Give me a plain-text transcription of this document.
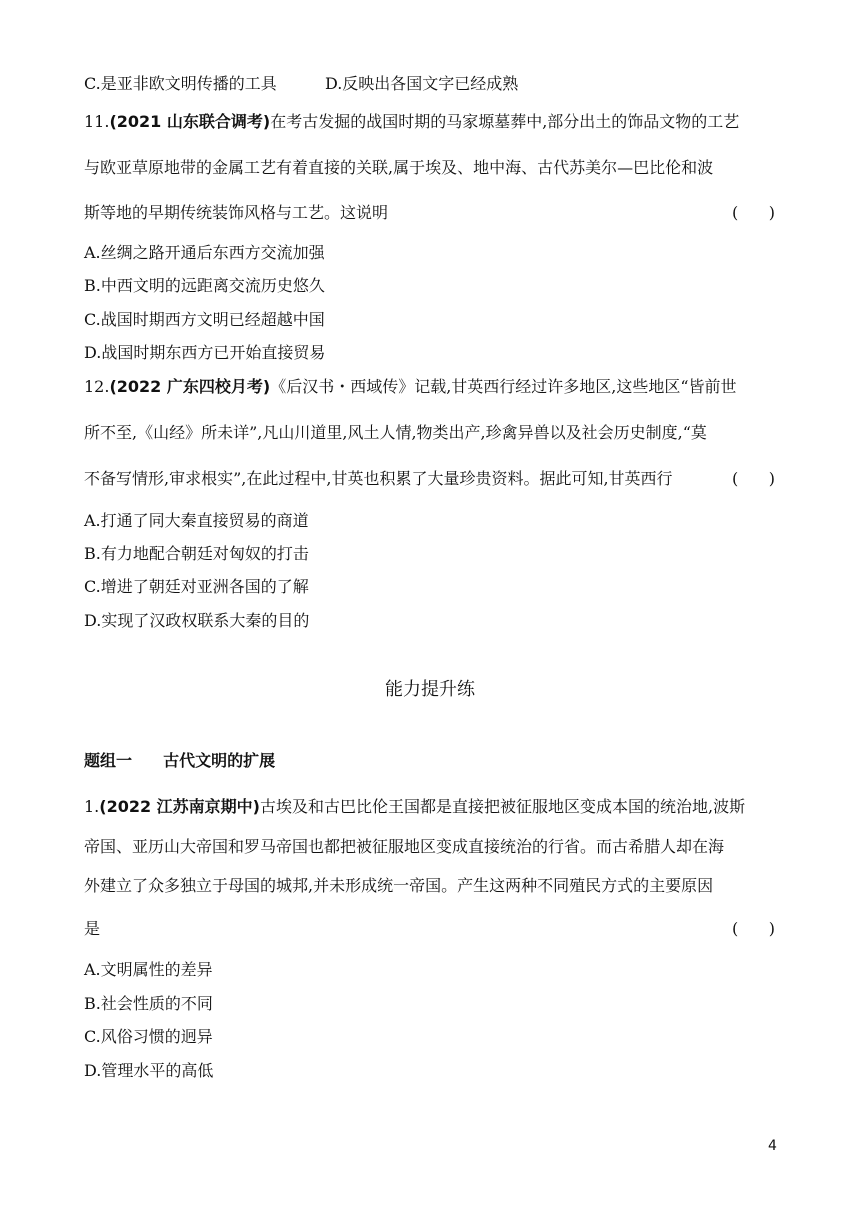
C.是亚非欧文明传播的工具	D.反映出各国文字已经成熟
11.(2021 山东联合调考)在考古发掘的战国时期的马家塬墓葬中,部分出土的饰品文物的工艺
与欧亚草原地带的金属工艺有着直接的关联,属于埃及、地中海、古代苏美尔—巴比伦和波
斯等地的早期传统装饰风格与工艺。这说明	(      )
A.丝绸之路开通后东西方交流加强
B.中西文明的远距离交流历史悠久
C.战国时期西方文明已经超越中国
D.战国时期东西方已开始直接贸易
12.(2022 广东四校月考)《后汉书・西域传》记载,甘英西行经过许多地区,这些地区“皆前世
所不至,《山经》所未详”,凡山川道里,风土人情,物类出产,珍禽异兽以及社会历史制度,“莫
不备写情形,审求根实”,在此过程中,甘英也积累了大量珍贵资料。据此可知,甘英西行	(      )
A.打通了同大秦直接贸易的商道
B.有力地配合朝廷对匈奴的打击
C.增进了朝廷对亚洲各国的了解
D.实现了汉政权联系大秦的目的
能力提升练
题组一 古代文明的扩展
1.(2022 江苏南京期中)古埃及和古巴比伦王国都是直接把被征服地区变成本国的统治地,波斯
帝国、亚历山大帝国和罗马帝国也都把被征服地区变成直接统治的行省。而古希腊人却在海
外建立了众多独立于母国的城邦,并未形成统一帝国。产生这两种不同殖民方式的主要原因
是	(      )
A.文明属性的差异
B.社会性质的不同
C.风俗习惯的迥异
D.管理水平的高低
4
